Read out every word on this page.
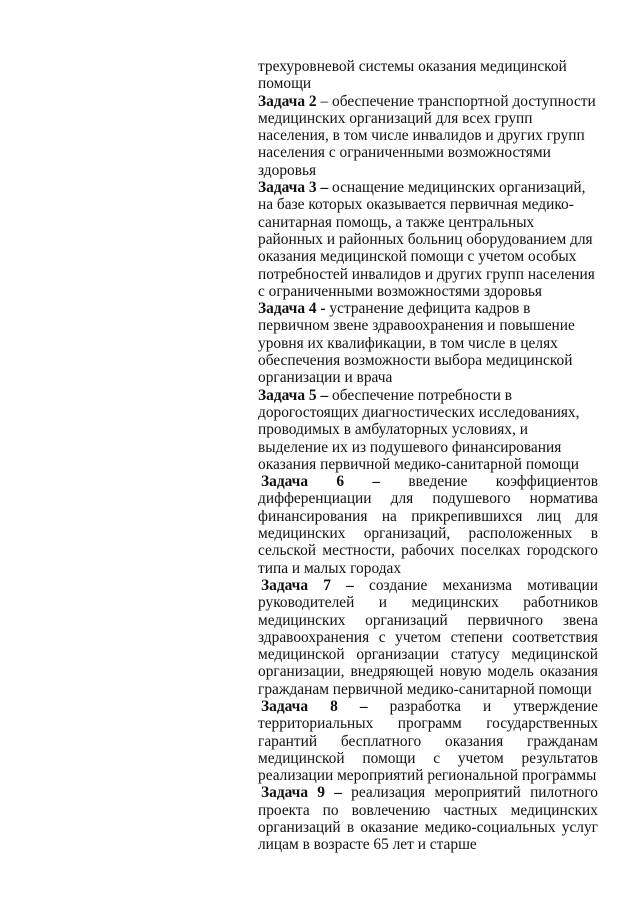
трехуровневой системы оказания медицинской помощи

Задача 2 – обеспечение транспортной доступности медицинских организаций для всех групп населения, в том числе инвалидов и других групп населения с ограниченными возможностями здоровья

Задача 3 – оснащение медицинских организаций, на базе которых оказывается первичная медико-санитарная помощь, а также центральных районных и районных больниц оборудованием для оказания медицинской помощи с учетом особых потребностей инвалидов и других групп населения с ограниченными возможностями здоровья

Задача 4 - устранение дефицита кадров в первичном звене здравоохранения и повышение уровня их квалификации, в том числе в целях обеспечения возможности выбора медицинской организации и врача

Задача 5 – обеспечение потребности в дорогостоящих диагностических исследованиях, проводимых в амбулаторных условиях, и выделение их из подушевого финансирования оказания первичной медико-санитарной помощи

Задача 6 – введение коэффициентов дифференциации для подушевого норматива финансирования на прикрепившихся лиц для медицинских организаций, расположенных в сельской местности, рабочих поселках городского типа и малых городах

Задача 7 – создание механизма мотивации руководителей и медицинских работников медицинских организаций первичного звена здравоохранения с учетом степени соответствия медицинской организации статусу медицинской организации, внедряющей новую модель оказания гражданам первичной медико-санитарной помощи

Задача 8 – разработка и утверждение территориальных программ государственных гарантий бесплатного оказания гражданам медицинской помощи с учетом результатов реализации мероприятий региональной программы

Задача 9 – реализация мероприятий пилотного проекта по вовлечению частных медицинских организаций в оказание медико-социальных услуг лицам в возрасте 65 лет и старше
